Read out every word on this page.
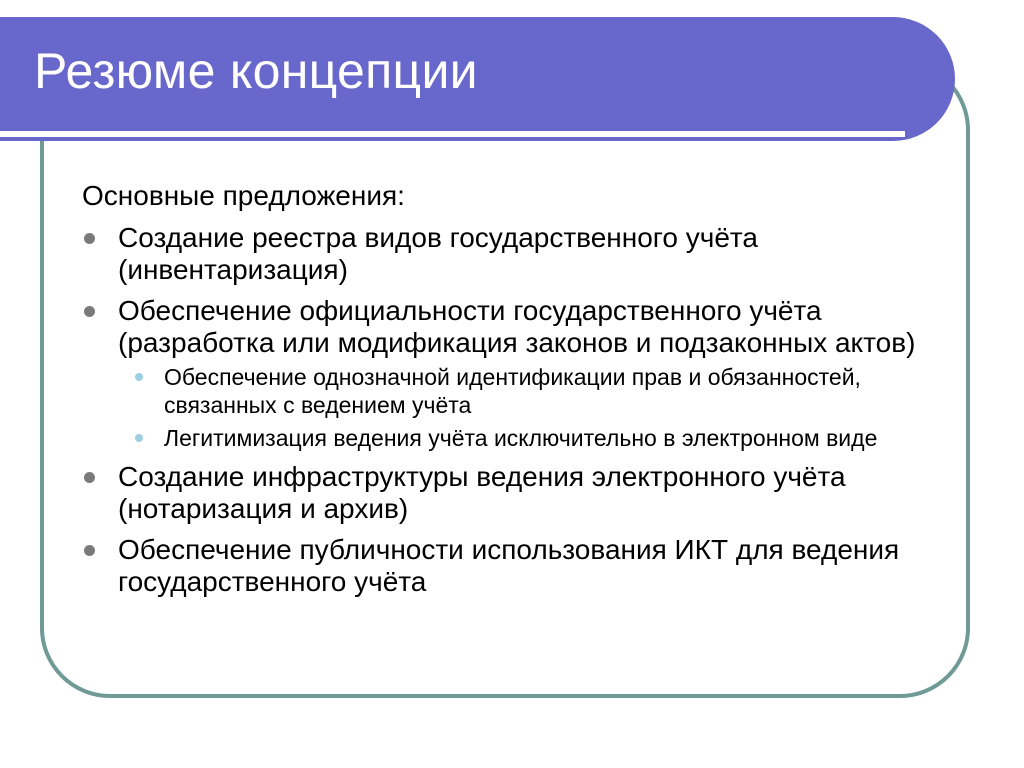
Резюме концепции

Основные предложения:

Создание реестра видов государственного учёта (инвентаризация)
Обеспечение официальности государственного учёта (разработка или модификация законов и подзаконных актов)
Обеспечение однозначной идентификации прав и обязанностей, связанных с ведением учёта
Легитимизация ведения учёта исключительно в электронном виде
Создание инфраструктуры ведения электронного учёта (нотаризация и архив)
Обеспечение публичности использования ИКТ для ведения государственного учёта
